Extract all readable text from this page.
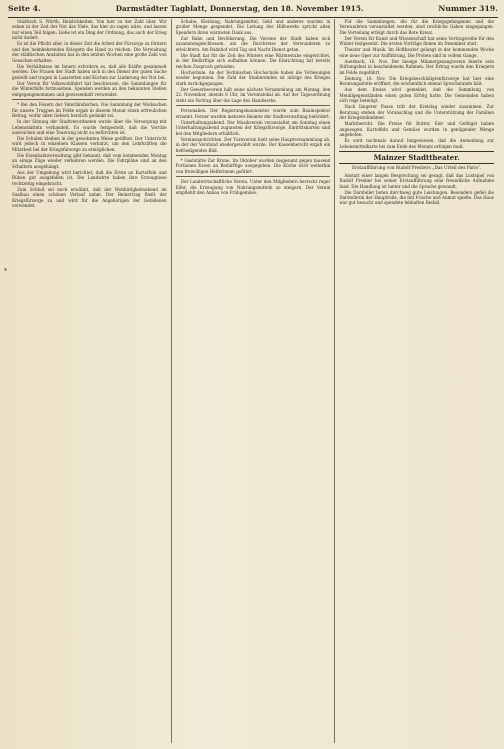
Seite 4.	Darmstädter Tagblatt, Donnerstag, den 18. November 1915.	Nummer 319.
*

Städtisch S. Würth, Heizlichkeiten. Von hier zu der Zahl über. Wir sehen in der Zeit der Not das Viele, das hier zu sagen wäre, und lassen nur einen Teil folgen: Liebe ist ein Ding der Ordnung, das auch der Krieg nicht ändert.

Es ist die Pflicht aller, in dieser Zeit die Arbeit der Fürsorge zu fördern und den heimkehrenden Kriegern die Hand zu reichen. Die Verwaltung der städtischen Anstalten hat in den letzten Wochen eine große Zahl von Gesuchen erhalten.

Die Verhältnisse im Innern erfordern es, daß alle Kräfte gesammelt werden. Die Frauen der Stadt haben sich in den Dienst der guten Sache gestellt und tragen in Lazaretten und Küchen zur Linderung der Not bei.

Der Verein für Volkswohlfahrt hat beschlossen, die Sammlungen für die Winterhilfe fortzusetzen. Spenden werden an den bekannten Stellen entgegengenommen und gewissenhaft verwendet.

* Bei den Feuern der Vaterländischen. Die Sammlung der Wollsachen für unsere Truppen im Felde ergab in diesem Monat einen erfreulichen Betrag, wofür allen Gebern herzlich gedankt sei.

In der Sitzung der Stadtverordneten wurde über die Versorgung mit Lebensmitteln verhandelt. Es wurde festgestellt, daß die Vorräte ausreichen und eine Teuerung nicht zu befürchten ist.

Die Schulen bleiben in der gewohnten Weise geöffnet. Der Unterricht wird jedoch in einzelnen Klassen verkürzt, um den Lehrkräften die Mitarbeit bei der Kriegsfürsorge zu ermöglichen.

Die Eisenbahnverwaltung gibt bekannt, daß vom kommenden Montag an einige Züge wieder verkehren werden. Die Fahrpläne sind an den Schaltern ausgehängt.

Aus der Umgebung wird berichtet, daß die Ernte an Kartoffeln und Rüben gut ausgefallen ist. Die Landwirte haben ihre Erzeugnisse rechtzeitig eingebracht.

Zum Schluß sei noch erwähnt, daß der Wohltätigkeitsabend im Saalbau einen schönen Verlauf nahm. Der Reinertrag fließt der Kriegsfürsorge zu und wird für die Angehörigen der Gefallenen verwendet.

Schuhe, Kleidung, Nahrungsmittel, Geld und anderes wurden in großer Menge gespendet. Die Leitung des Hilfswerks spricht allen Spendern ihren wärmsten Dank aus.

Zur Bahn und Bevölkerung. Die Vereine der Stadt haben sich zusammengeschlossen, um die Durchreise der Verwundeten zu erleichtern. Am Bahnhof wird Tag und Nacht Dienst getan.

Die Stadt hat für die Zeit des Winters eine Wärmestube eingerichtet, in der Bedürftige sich aufhalten können. Die Einrichtung hat bereits reichen Zuspruch gefunden.

Hochschule. An der Technischen Hochschule haben die Vorlesungen wieder begonnen. Die Zahl der Studierenden ist infolge des Krieges stark zurückgegangen.

Der Gewerbeverein hält seine nächste Versammlung am Montag, den 22. November, abends 8 Uhr, im Vereinslokal ab. Auf der Tagesordnung steht ein Vortrag über die Lage des Handwerks.

Personalien. Der Regierungsbaumeister wurde zum Bauinspektor ernannt. Ferner wurden mehrere Beamte der Stadtverwaltung befördert.

Unterhaltungsabend. Der Musikverein veranstaltet am Sonntag einen Unterhaltungsabend zugunsten der Kriegsfürsorge. Eintrittskarten sind bei den Mitgliedern erhältlich.

Vereinsnachrichten. Der Turnverein hielt seine Hauptversammlung ab, in der der Vorstand wiedergewählt wurde. Der Kassenbericht ergab ein befriedigendes Bild.

* Gaststätte Zur Krone. Im Oktober wurden insgesamt gegen tausend Portionen Essen an Bedürftige ausgegeben. Die Küche wird weiterhin von freiwilligen Helferinnen geführt.

Der Landwirtschaftliche Verein. Unter den Mitgliedern herrscht reger Eifer, die Erzeugung von Nahrungsmitteln zu steigern. Der Verein empfiehlt den Anbau von Frühgemüse.

Für die Sammlungen, die für die Kriegsgefangenen und die Verwundeten veranstaltet werden, sind reichliche Gaben eingegangen. Die Verteilung erfolgt durch das Rote Kreuz.

Der Verein für Kunst und Wissenschaft hat seine Vortragsreihe für den Winter festgesetzt. Die ersten Vorträge finden im Dezember statt.

Theater und Musik. Im Hoftheater gelangt in der kommenden Woche eine neue Oper zur Aufführung. Die Proben sind in vollem Gange.

Auerbach, 16. Nov. Der hiesige Männergesangverein feierte sein Stiftungsfest in bescheidenem Rahmen. Der Ertrag wurde den Kriegern im Felde zugeführt.

Dieburg, 16. Nov. Die Kriegsbeschädigtenfürsorge hat hier eine Beratungsstelle eröffnet, die wöchentlich einmal Sprechstunde hält.

Aus dem Kreise wird gemeldet, daß die Sammlung von Metallgegenständen einen guten Erfolg hatte. Die Gemeinden haben sich rege beteiligt.

Nach längerer Pause tritt der Kreistag wieder zusammen. Zur Beratung stehen der Voranschlag und die Unterstützung der Familien der Kriegsteilnehmer.

Marktbericht. Die Preise für Butter, Eier und Geflügel haben angezogen. Kartoffeln und Gemüse wurden in genügender Menge angeboten.

Es wird nochmals darauf hingewiesen, daß die Anmeldung zur Lebensmittelkarte bis zum Ende des Monats erfolgen muß.

Mainzer Stadttheater.
Erstaufführung von Rudolf Presbers „Das Urteil des Paris“.

Anstatt einer langen Besprechung sei gesagt, daß das Lustspiel von Rudolf Presber bei seiner Erstaufführung eine freundliche Aufnahme fand. Die Handlung ist heiter und die Sprache gewandt.

Die Darsteller boten durchweg gute Leistungen. Besonders gefiel die Darstellerin der Hauptrolle, die mit Frische und Anmut spielte. Das Haus war gut besucht und spendete lebhaften Beifall.
